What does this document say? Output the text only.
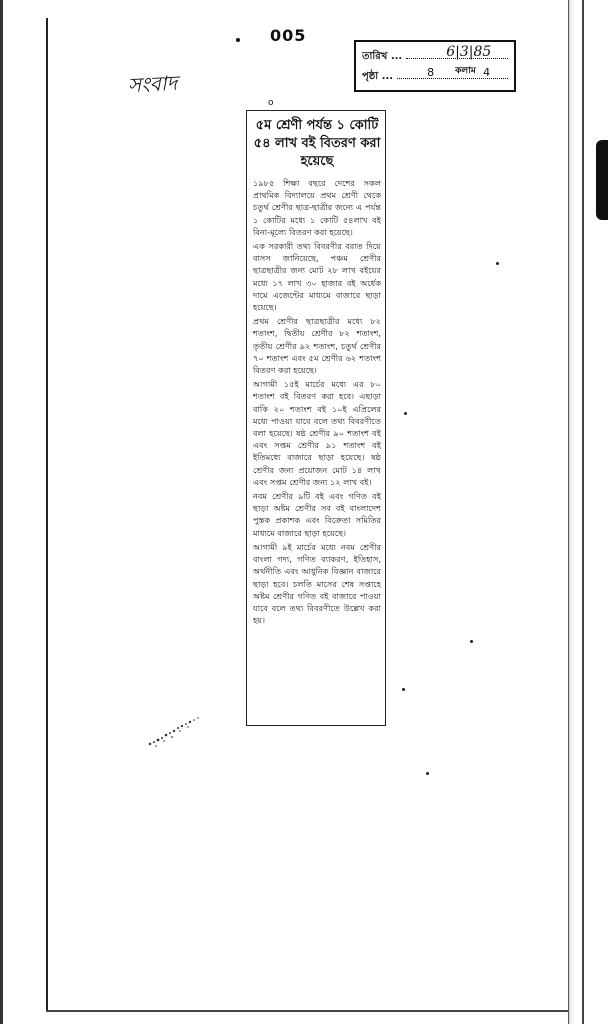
005
সংবাদ
তারিখ ...	6|3|85
পৃষ্ঠা ...	8 কলাম 4
o
৫ম শ্রেণী পর্যন্ত ১ কোটি ৫৪ লাখ বই বিতরণ করা হয়েছে

১৯৮৫ শিক্ষা বছরে দেশের সকল প্রাথমিক বিদ্যালয়ে প্রথম শ্রেণী থেকে চতুর্থ শ্রেণীর ছাত্র-ছাত্রীর জন্যে এ পর্যন্ত ১ কোটির মধ্যে ১ কোটি ৫৪লাখ বই বিনা-মূল্যে বিতরণ করা হয়েছে।

এক সরকারী তথ্য বিবরণীর বরাত দিয়ে বাসস জানিয়েছে, পঞ্চম শ্রেণীর ছাত্রছাত্রীর জন্য মোট ২৮ লাখ বইয়ের মধ্যে ১৭ লাখ ৩০ হাজার বই অর্ধেক দামে এজেন্টের মাধ্যমে বাজারে ছাড়া হয়েছে।

প্রথম শ্রেণীর ছাত্রছাত্রীর মধ্যে ৮২ শতাংশ, দ্বিতীয় শ্রেণীর ৮২ শতাংশ, তৃতীয় শ্রেণীর ৯২ শতাংশ, চতুর্থ শ্রেণীর ৭০ শতাংশ এবং ৫ম শ্রেণীর ৬২ শতাংশ বিতরণ করা হয়েছে।

আগামী ১৫ই মার্চের মধ্যে এর ৮০ শতাংশ বই বিতরণ করা হবে। এছাড়া বাকি ২০ শতাংশ বই ১০ই এপ্রিলের মধ্যে পাওয়া যাবে বলে তথ্য বিবরণীতে বলা হয়েছে। ষষ্ঠ শ্রেণীর ৯০ শতাংশ বই এবং সপ্তম শ্রেণীর ৯১ শতাংশ বই ইতিমধ্যে বাজারে ছাড়া হয়েছে। ষষ্ঠ শ্রেণীর জন্য প্রয়োজন মোট ১৪ লাখ এবং সপ্তম শ্রেণীর জন্য ১২ লাখ বই।

নবম শ্রেণীর ৯টি বই এবং গণিত বই ছাড়া অষ্টম শ্রেণীর সব বই বাংলাদেশ পুস্তক প্রকাশক এবং বিক্রেতা সমিতির মাধ্যমে বাজারে ছাড়া হয়েছে।

আগামী ৯ই মার্চের মধ্যে নবম শ্রেণীর বাংলা গদ্য, গণিত ব্যাকরণ, ইতিহাস, অর্থনীতি এবং আধুনিক বিজ্ঞান বাজারে ছাড়া হবে। চলতি মাসের শেষ সপ্তাহে অষ্টম শ্রেণীর গণিত বই বাজারে পাওয়া যাবে বলে তথ্য বিবরণীতে উল্লেখ করা হয়।
